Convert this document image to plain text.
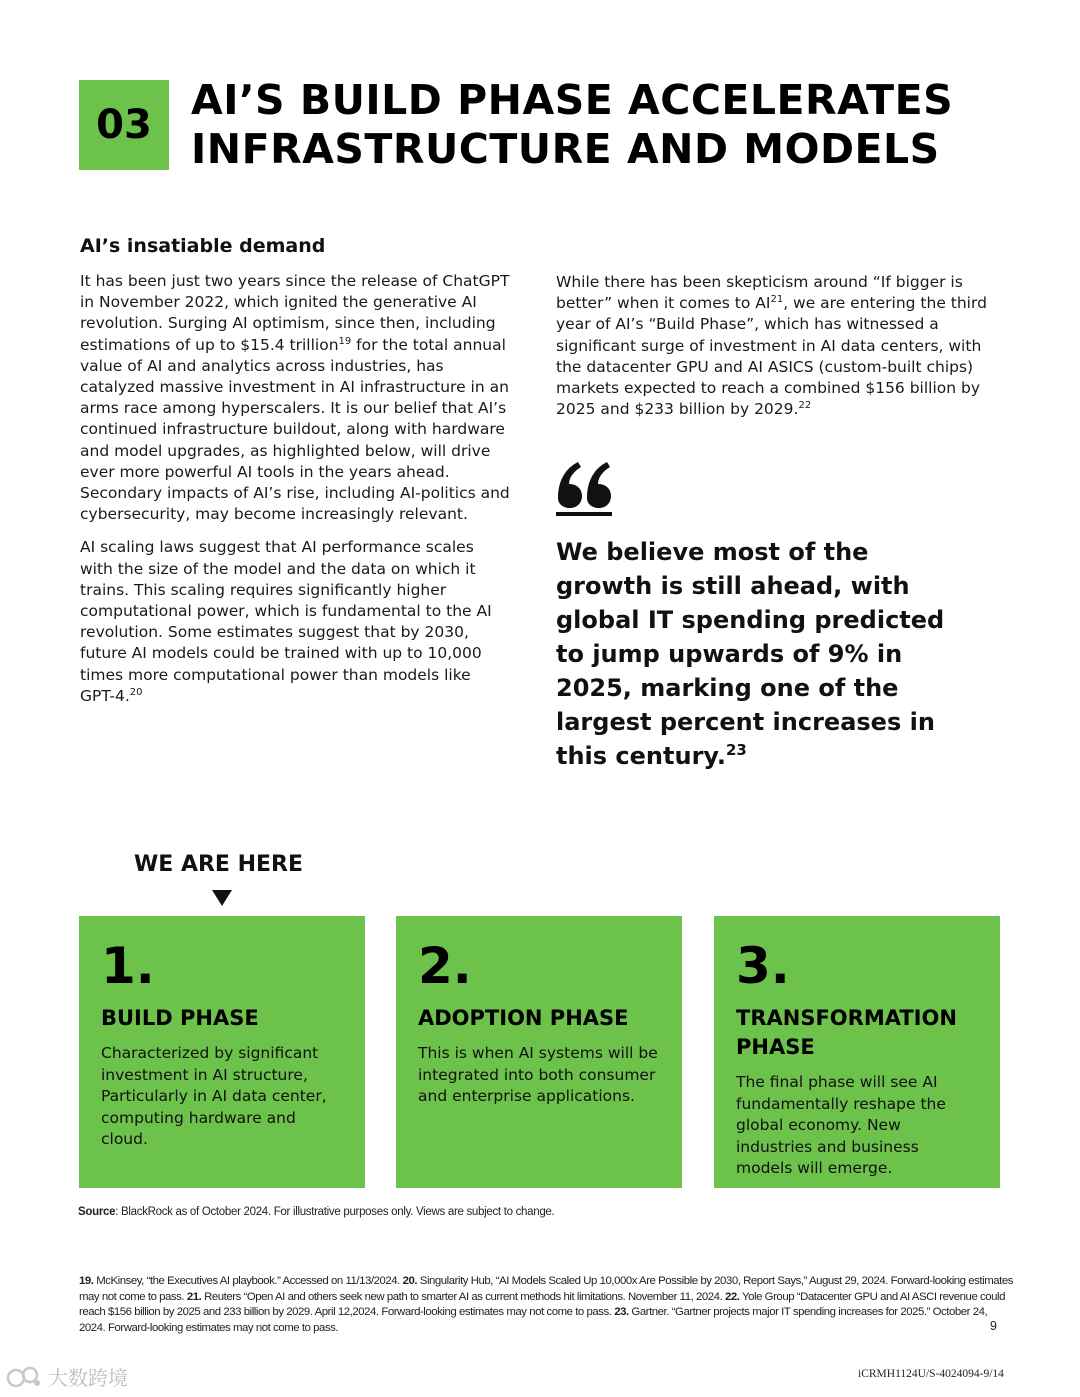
03
AI’S BUILD PHASE ACCELERATES INFRASTRUCTURE AND MODELS
AI’s insatiable demand

It has been just two years since the release of ChatGPT in November 2022, which ignited the generative AI revolution. Surging AI optimism, since then, including estimations of up to $15.4 trillion$^{19}$ for the total annual value of AI and analytics across industries, has catalyzed massive investment in AI infrastructure in an arms race among hyperscalers. It is our belief that AI’s continued infrastructure buildout, along with hardware and model upgrades, as highlighted below, will drive ever more powerful AI tools in the years ahead. Secondary impacts of AI’s rise, including AI-politics and cybersecurity, may become increasingly relevant.

AI scaling laws suggest that AI performance scales with the size of the model and the data on which it trains. This scaling requires significantly higher computational power, which is fundamental to the AI revolution. Some estimates suggest that by 2030, future AI models could be trained with up to 10,000 times more computational power than models like GPT-4.20

While there has been skepticism around “If bigger is better” when it comes to AI$^{21}$, we are entering the third year of AI’s “Build Phase”, which has witnessed a significant surge of investment in AI data centers, with the datacenter GPU and AI ASICS (custom-built chips) markets expected to reach a combined $156 billion by 2025 and $233 billion by 2029.22

We believe most of the growth is still ahead, with global IT spending predicted to jump upwards of 9% in 2025, marking one of the largest percent increases in this century.$^{23}$
WE ARE HERE
1.
BUILD PHASE
Characterized by significant investment in AI structure, Particularly in AI data center, computing hardware and cloud.
2.
ADOPTION PHASE
This is when AI systems will be integrated into both consumer and enterprise applications.
3.
TRANSFORMATION PHASE
The final phase will see AI fundamentally reshape the global economy. New industries and business models will emerge.
Source: BlackRock as of October 2024. For illustrative purposes only. Views are subject to change.
19. McKinsey, “the Executives AI playbook.” Accessed on 11/13/2024. 20. Singularity Hub, “AI Models Scaled Up 10,000x Are Possible by 2030, Report Says,” August 29, 2024. Forward-looking estimates may not come to pass. 21. Reuters “Open AI and others seek new path to smarter AI as current methods hit limitations. November 11, 2024. 22. Yole Group “Datacenter GPU and AI ASCI revenue could reach $156 billion by 2025 and 233 billion by 2029. April 12,2024. Forward-looking estimates may not come to pass. 23. Gartner. “Gartner projects major IT spending increases for 2025.” October 24, 2024. Forward-looking estimates may not come to pass.	9
大数跨境	iCRMH1124U/S-4024094-9/14
